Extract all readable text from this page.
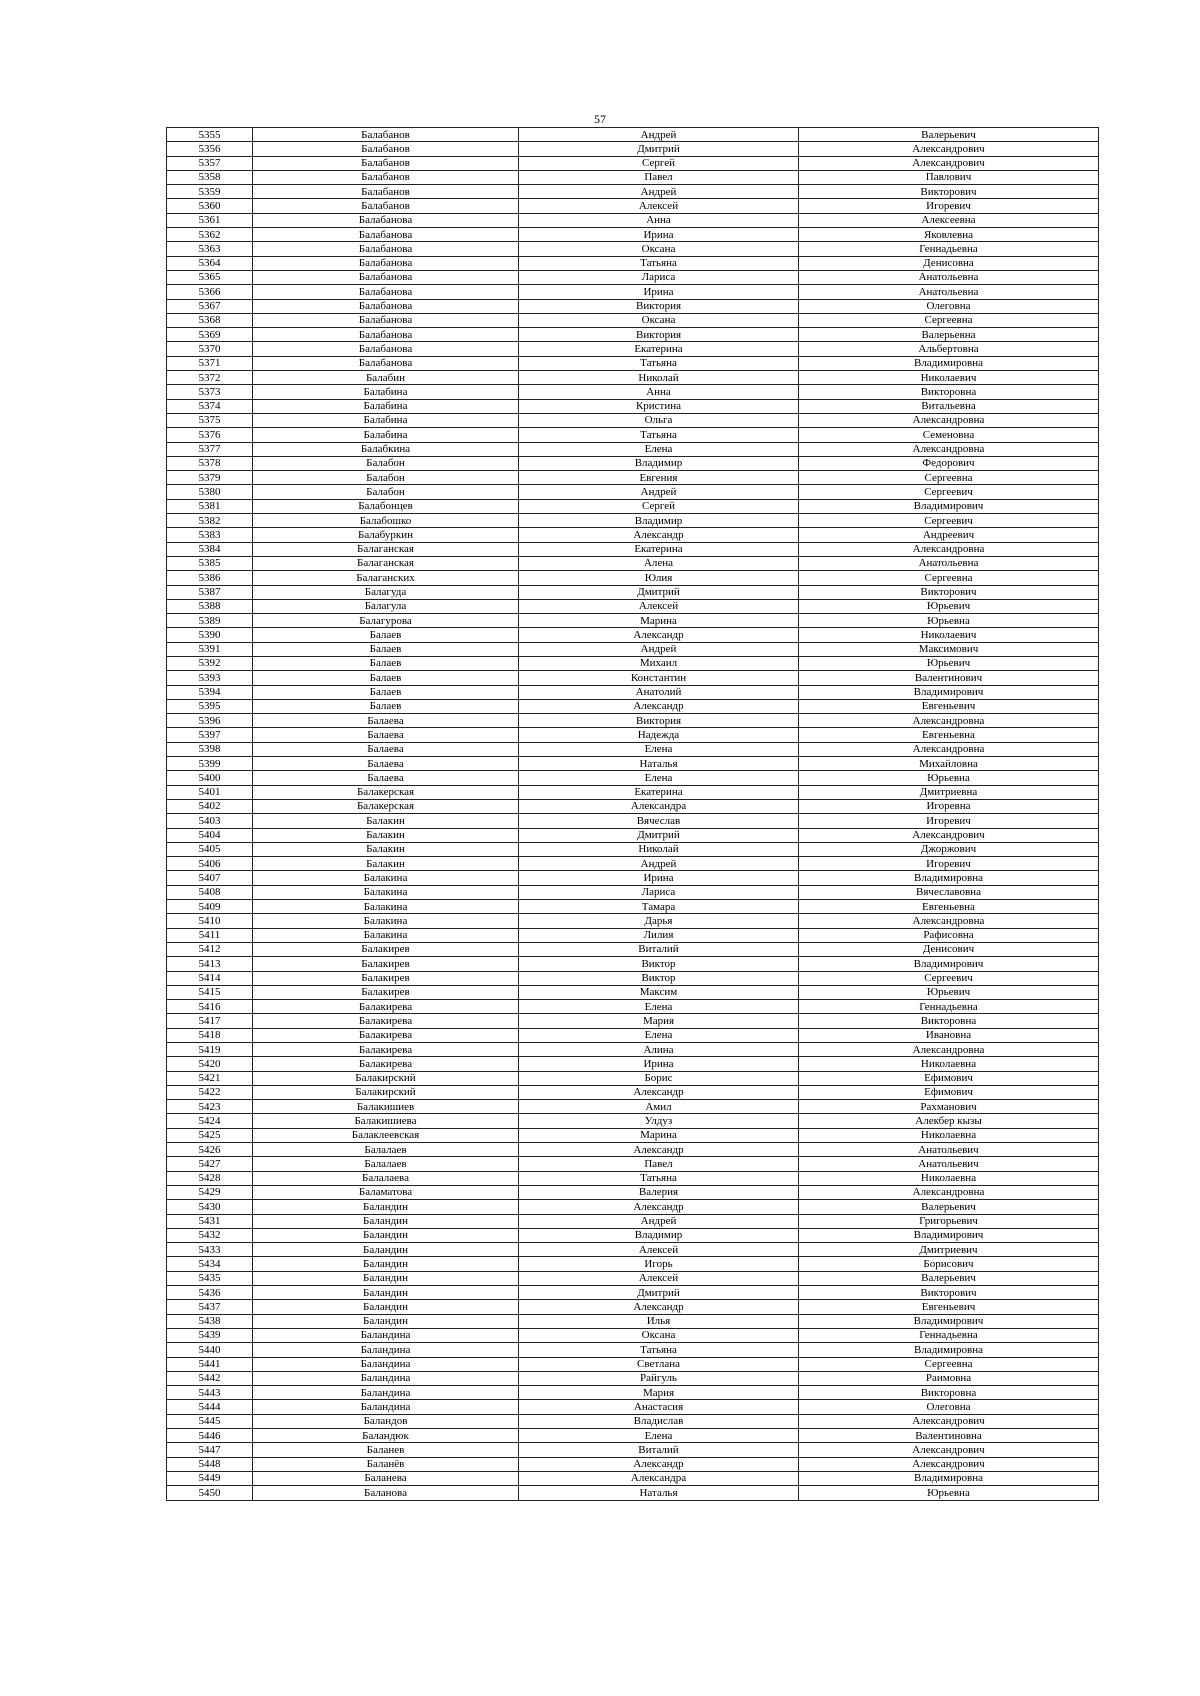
57
5355	Балабанов	Андрей	Валерьевич
5356	Балабанов	Дмитрий	Александрович
5357	Балабанов	Сергей	Александрович
5358	Балабанов	Павел	Павлович
5359	Балабанов	Андрей	Викторович
5360	Балабанов	Алексей	Игоревич
5361	Балабанова	Анна	Алексеевна
5362	Балабанова	Ирина	Яковлевна
5363	Балабанова	Оксана	Геннадьевна
5364	Балабанова	Татьяна	Денисовна
5365	Балабанова	Лариса	Анатольевна
5366	Балабанова	Ирина	Анатольевна
5367	Балабанова	Виктория	Олеговна
5368	Балабанова	Оксана	Сергеевна
5369	Балабанова	Виктория	Валерьевна
5370	Балабанова	Екатерина	Альбертовна
5371	Балабанова	Татьяна	Владимировна
5372	Балабин	Николай	Николаевич
5373	Балабина	Анна	Викторовна
5374	Балабина	Кристина	Витальевна
5375	Балабина	Ольга	Александровна
5376	Балабина	Татьяна	Семеновна
5377	Балабкина	Елена	Александровна
5378	Балабон	Владимир	Федорович
5379	Балабон	Евгения	Сергеевна
5380	Балабон	Андрей	Сергеевич
5381	Балабонцев	Сергей	Владимирович
5382	Балабошко	Владимир	Сергеевич
5383	Балабуркин	Александр	Андреевич
5384	Балаганская	Екатерина	Александровна
5385	Балаганская	Алена	Анатольевна
5386	Балаганских	Юлия	Сергеевна
5387	Балагуда	Дмитрий	Викторович
5388	Балагула	Алексей	Юрьевич
5389	Балагурова	Марина	Юрьевна
5390	Балаев	Александр	Николаевич
5391	Балаев	Андрей	Максимович
5392	Балаев	Михаил	Юрьевич
5393	Балаев	Константин	Валентинович
5394	Балаев	Анатолий	Владимирович
5395	Балаев	Александр	Евгеньевич
5396	Балаева	Виктория	Александровна
5397	Балаева	Надежда	Евгеньевна
5398	Балаева	Елена	Александровна
5399	Балаева	Наталья	Михайловна
5400	Балаева	Елена	Юрьевна
5401	Балакерская	Екатерина	Дмитриевна
5402	Балакерская	Александра	Игоревна
5403	Балакин	Вячеслав	Игоревич
5404	Балакин	Дмитрий	Александрович
5405	Балакин	Николай	Джоржович
5406	Балакин	Андрей	Игоревич
5407	Балакина	Ирина	Владимировна
5408	Балакина	Лариса	Вячеславовна
5409	Балакина	Тамара	Евгеньевна
5410	Балакина	Дарья	Александровна
5411	Балакина	Лилия	Рафисовна
5412	Балакирев	Виталий	Денисович
5413	Балакирев	Виктор	Владимирович
5414	Балакирев	Виктор	Сергеевич
5415	Балакирев	Максим	Юрьевич
5416	Балакирева	Елена	Геннадьевна
5417	Балакирева	Мария	Викторовна
5418	Балакирева	Елена	Ивановна
5419	Балакирева	Алина	Александровна
5420	Балакирева	Ирина	Николаевна
5421	Балакирский	Борис	Ефимович
5422	Балакирский	Александр	Ефимович
5423	Балакишиев	Амил	Рахманович
5424	Балакишиева	Улдуз	Алекбер кызы
5425	Балаклеевская	Марина	Николаевна
5426	Балалаев	Александр	Анатольевич
5427	Балалаев	Павел	Анатольевич
5428	Балалаева	Татьяна	Николаевна
5429	Баламатова	Валерия	Александровна
5430	Баландин	Александр	Валерьевич
5431	Баландин	Андрей	Григорьевич
5432	Баландин	Владимир	Владимирович
5433	Баландин	Алексей	Дмитриевич
5434	Баландин	Игорь	Борисович
5435	Баландин	Алексей	Валерьевич
5436	Баландин	Дмитрий	Викторович
5437	Баландин	Александр	Евгеньевич
5438	Баландин	Илья	Владимирович
5439	Баландина	Оксана	Геннадьевна
5440	Баландина	Татьяна	Владимировна
5441	Баландина	Светлана	Сергеевна
5442	Баландина	Райгуль	Раимовна
5443	Баландина	Мария	Викторовна
5444	Баландина	Анастасия	Олеговна
5445	Баландов	Владислав	Александрович
5446	Баландюк	Елена	Валентиновна
5447	Баланев	Виталий	Александрович
5448	Баланёв	Александр	Александрович
5449	Баланева	Александра	Владимировна
5450	Баланова	Наталья	Юрьевна
